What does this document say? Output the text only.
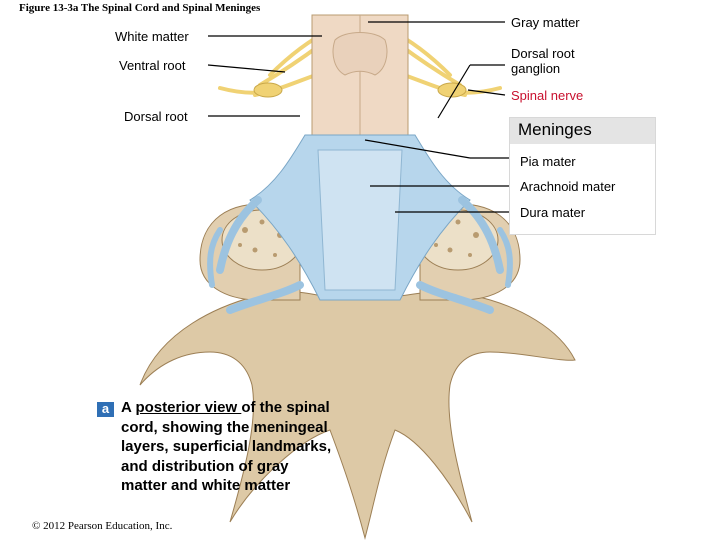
Figure 13-3a The Spinal Cord and Spinal Meninges
White matter
Ventral root
Dorsal root
Gray matter
Dorsal root ganglion
Spinal nerve
Meninges
Pia mater
Arachnoid mater
Dura mater
a A posterior view of the spinal cord, showing the meningeal layers, superficial landmarks, and distribution of gray matter and white matter
© 2012 Pearson Education, Inc.
